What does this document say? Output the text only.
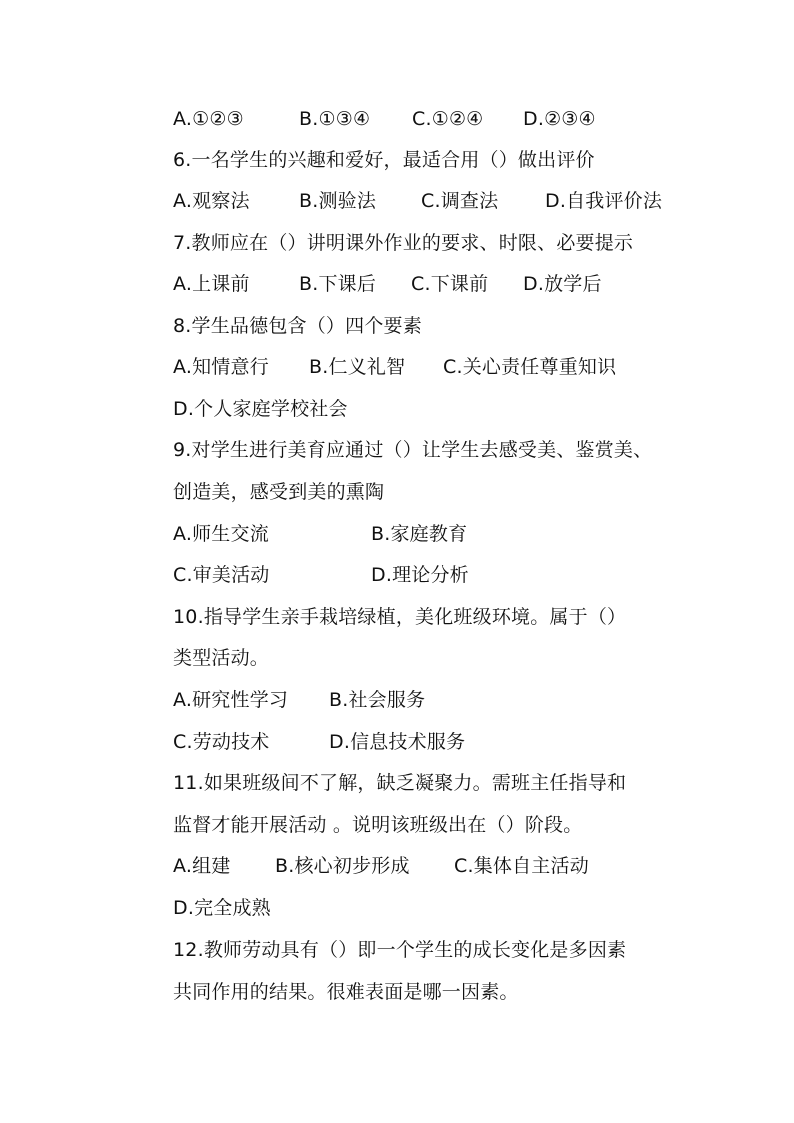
A.①②③	B.①③④ C.①②④ D.②③④
6.一名学生的兴趣和爱好，最适合用（）做出评价
A.观察法	B.测验法 C.调查法 D.自我评价法
7.教师应在（）讲明课外作业的要求、时限、必要提示
A.上课前	B.下课后 C.下课前 D.放学后
8.学生品德包含（）四个要素
A.知情意行 B.仁义礼智 C.关心责任尊重知识
D.个人家庭学校社会
9.对学生进行美育应通过（）让学生去感受美、鉴赏美、
创造美，感受到美的熏陶
A.师生交流	B.家庭教育
C.审美活动	D.理论分析
10.指导学生亲手栽培绿植，美化班级环境。属于（）
类型活动。
A.研究性学习 B.社会服务
C.劳动技术	D.信息技术服务
11.如果班级间不了解，缺乏凝聚力。需班主任指导和
监督才能开展活动 。说明该班级出在（）阶段。
A.组建 B.核心初步形成 C.集体自主活动
D.完全成熟
12.教师劳动具有（）即一个学生的成长变化是多因素
共同作用的结果。很难表面是哪一因素。
